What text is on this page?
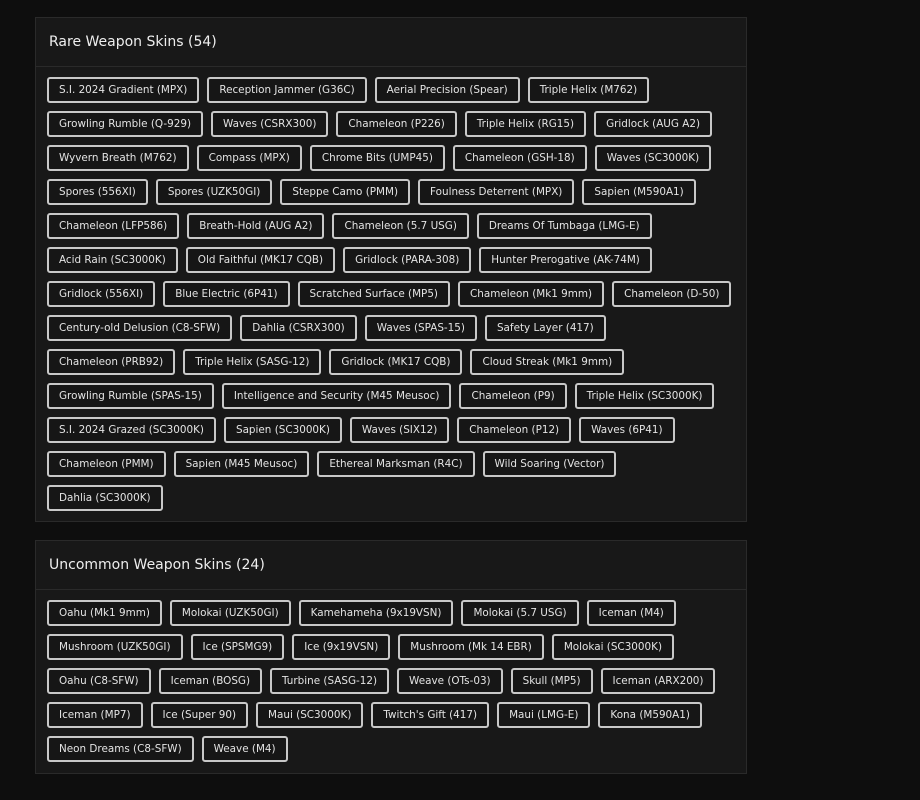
Rare Weapon Skins (54)
S.I. 2024 Gradient (MPX)	Reception Jammer (G36C)	Aerial Precision (Spear)	Triple Helix (M762)
Growling Rumble (Q-929)	Waves (CSRX300)	Chameleon (P226)	Triple Helix (RG15)	Gridlock (AUG A2)
Wyvern Breath (M762)	Compass (MPX)	Chrome Bits (UMP45)	Chameleon (GSH-18)	Waves (SC3000K)
Spores (556XI)	Spores (UZK50GI)	Steppe Camo (PMM)	Foulness Deterrent (MPX)	Sapien (M590A1)
Chameleon (LFP586)	Breath-Hold (AUG A2)	Chameleon (5.7 USG)	Dreams Of Tumbaga (LMG-E)
Acid Rain (SC3000K)	Old Faithful (MK17 CQB)	Gridlock (PARA-308)	Hunter Prerogative (AK-74M)
Gridlock (556XI)	Blue Electric (6P41)	Scratched Surface (MP5)	Chameleon (Mk1 9mm)	Chameleon (D-50)
Century-old Delusion (C8-SFW)	Dahlia (CSRX300)	Waves (SPAS-15)	Safety Layer (417)
Chameleon (PRB92)	Triple Helix (SASG-12)	Gridlock (MK17 CQB)	Cloud Streak (Mk1 9mm)
Growling Rumble (SPAS-15)	Intelligence and Security (M45 Meusoc)	Chameleon (P9)	Triple Helix (SC3000K)
S.I. 2024 Grazed (SC3000K)	Sapien (SC3000K)	Waves (SIX12)	Chameleon (P12)	Waves (6P41)
Chameleon (PMM)	Sapien (M45 Meusoc)	Ethereal Marksman (R4C)	Wild Soaring (Vector)
Dahlia (SC3000K)
Uncommon Weapon Skins (24)
Oahu (Mk1 9mm)	Molokai (UZK50GI)	Kamehameha (9x19VSN)	Molokai (5.7 USG)	Iceman (M4)
Mushroom (UZK50GI)	Ice (SPSMG9)	Ice (9x19VSN)	Mushroom (Mk 14 EBR)	Molokai (SC3000K)
Oahu (C8-SFW)	Iceman (BOSG)	Turbine (SASG-12)	Weave (OTs-03)	Skull (MP5)	Iceman (ARX200)
Iceman (MP7)	Ice (Super 90)	Maui (SC3000K)	Twitch's Gift (417)	Maui (LMG-E)	Kona (M590A1)
Neon Dreams (C8-SFW)	Weave (M4)
